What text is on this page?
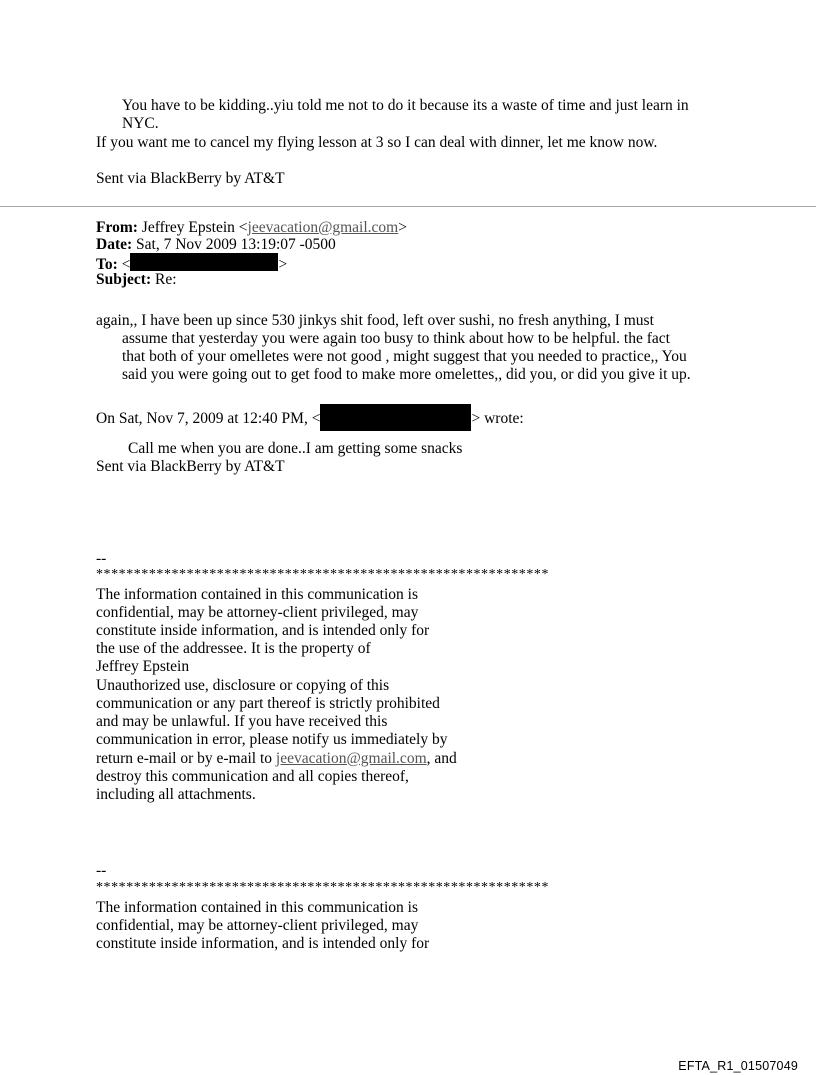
You have to be kidding..yiu told me not to do it because its a waste of time and just learn in
NYC.
If you want me to cancel my flying lesson at 3 so I can deal with dinner, let me know now.
Sent via BlackBerry by AT&T
From: Jeffrey Epstein <jeevacation@gmail.com>
Date: Sat, 7 Nov 2009 13:19:07 -0500
To: <	>
Subject: Re:
again,, I have been up since 530 jinkys shit food, left over sushi, no fresh anything, I must
assume that yesterday you were again too busy to think about how to be helpful. the fact
that both of your omelletes were not good , might suggest that you needed to practice,, You
said you were going out to get food to make more omelettes,, did you, or did you give it up.
On Sat, Nov 7, 2009 at 12:40 PM, <	> wrote:
Call me when you are done..I am getting some snacks
Sent via BlackBerry by AT&T
--
************************************************************
The information contained in this communication is
confidential, may be attorney-client privileged, may
constitute inside information, and is intended only for
the use of the addressee. It is the property of
Jeffrey Epstein
Unauthorized use, disclosure or copying of this
communication or any part thereof is strictly prohibited
and may be unlawful. If you have received this
communication in error, please notify us immediately by
return e-mail or by e-mail to jeevacation@gmail.com, and
destroy this communication and all copies thereof,
including all attachments.
--
************************************************************
The information contained in this communication is
confidential, may be attorney-client privileged, may
constitute inside information, and is intended only for
EFTA_R1_01507049
